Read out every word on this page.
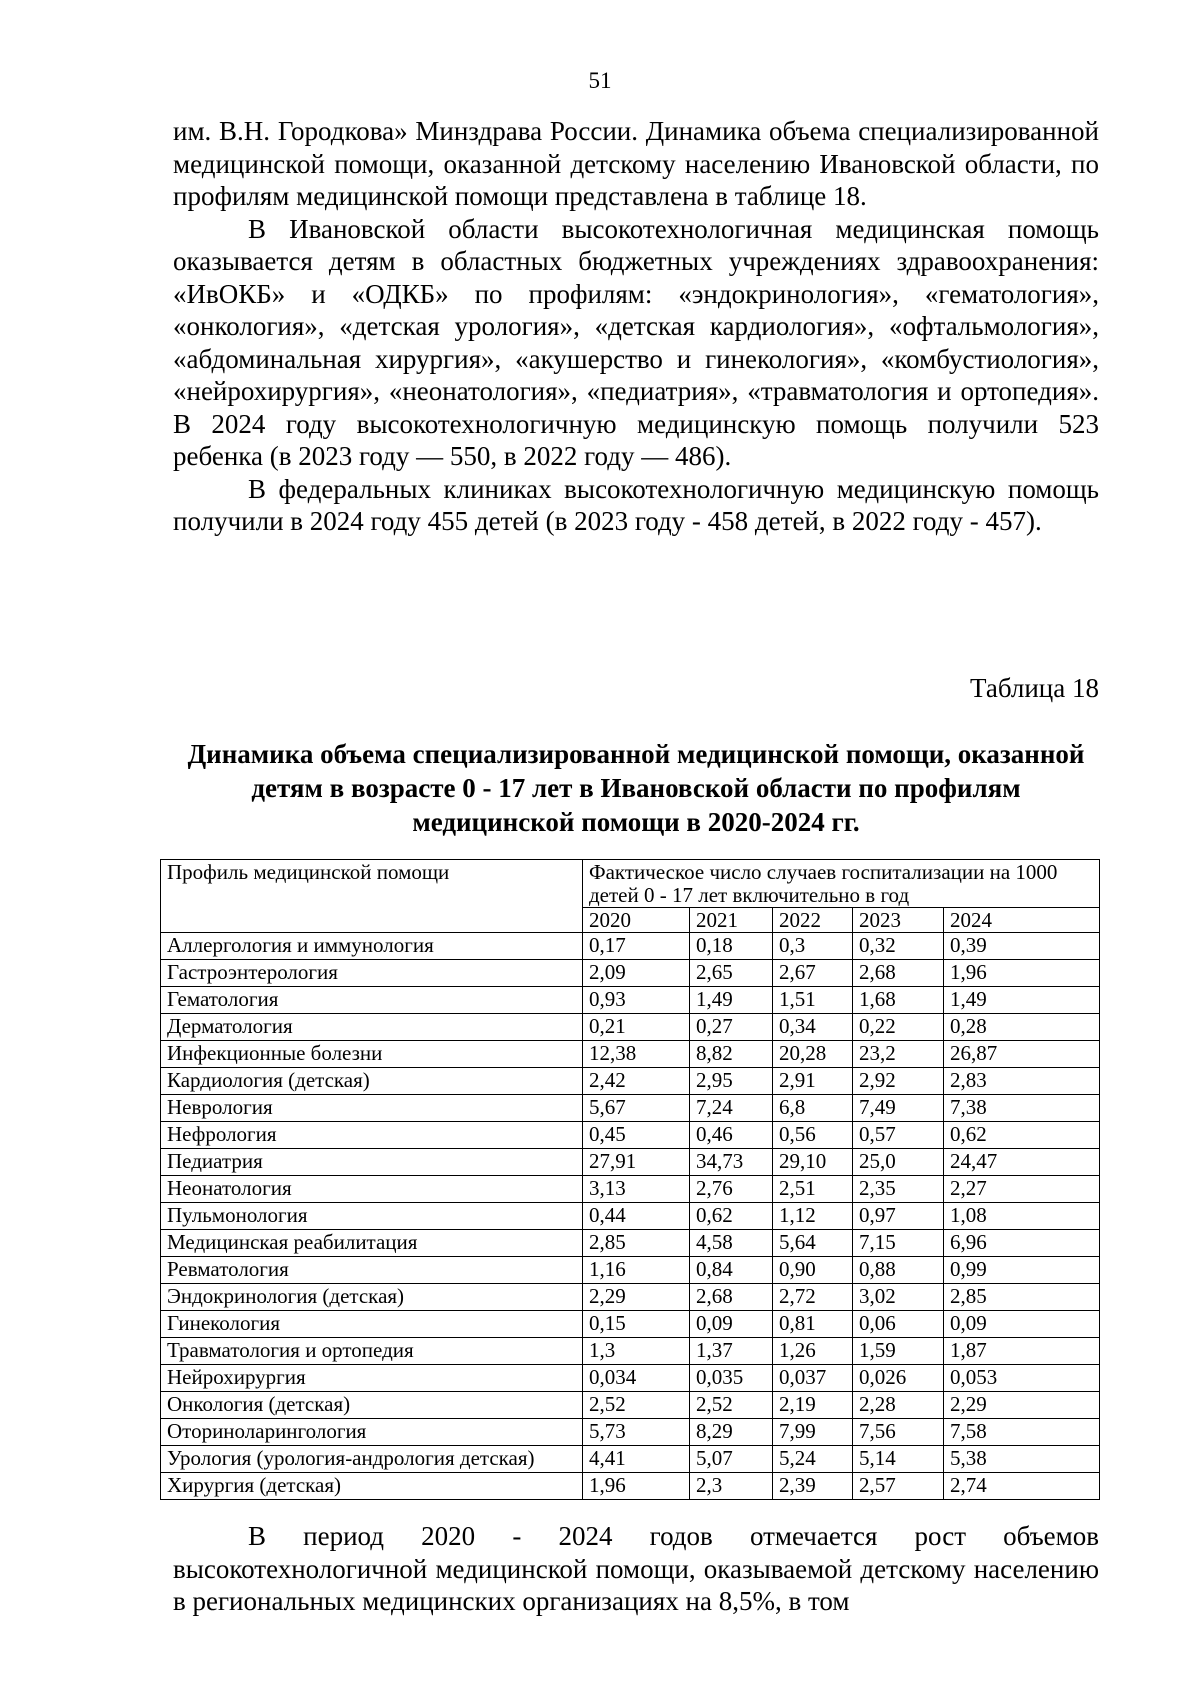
51

им. В.Н. Городкова» Минздрава России. Динамика объема специализированной медицинской помощи, оказанной детскому населению Ивановской области, по профилям медицинской помощи представлена в таблице 18.

В Ивановской области высокотехнологичная медицинская помощь оказывается детям в областных бюджетных учреждениях здравоохранения: «ИвОКБ» и «ОДКБ» по профилям: «эндокринология», «гематология», «онкология», «детская урология», «детская кардиология», «офтальмология», «абдоминальная хирургия», «акушерство и гинекология», «комбустиология», «нейрохирургия», «неонатология», «педиатрия», «травматология и ортопедия». В 2024 году высокотехнологичную медицинскую помощь получили 523 ребенка (в 2023 году — 550, в 2022 году — 486).

В федеральных клиниках высокотехнологичную медицинскую помощь получили в 2024 году 455 детей (в 2023 году - 458 детей, в 2022 году - 457).

Таблица 18
Динамика объема специализированной медицинской помощи, оказанной детям в возрасте 0 - 17 лет в Ивановской области по профилям медицинской помощи в 2020-2024 гг.
Профиль медицинской помощи	Фактическое число случаев госпитализации на 1000 детей 0 - 17 лет включительно в год				
	2020	2021	2022	2023	2024
Аллергология и иммунология	0,17	0,18	0,3	0,32	0,39
Гастроэнтерология	2,09	2,65	2,67	2,68	1,96
Гематология	0,93	1,49	1,51	1,68	1,49
Дерматология	0,21	0,27	0,34	0,22	0,28
Инфекционные болезни	12,38	8,82	20,28	23,2	26,87
Кардиология (детская)	2,42	2,95	2,91	2,92	2,83
Неврология	5,67	7,24	6,8	7,49	7,38
Нефрология	0,45	0,46	0,56	0,57	0,62
Педиатрия	27,91	34,73	29,10	25,0	24,47
Неонатология	3,13	2,76	2,51	2,35	2,27
Пульмонология	0,44	0,62	1,12	0,97	1,08
Медицинская реабилитация	2,85	4,58	5,64	7,15	6,96
Ревматология	1,16	0,84	0,90	0,88	0,99
Эндокринология (детская)	2,29	2,68	2,72	3,02	2,85
Гинекология	0,15	0,09	0,81	0,06	0,09
Травматология и ортопедия	1,3	1,37	1,26	1,59	1,87
Нейрохирургия	0,034	0,035	0,037	0,026	0,053
Онкология (детская)	2,52	2,52	2,19	2,28	2,29
Оториноларингология	5,73	8,29	7,99	7,56	7,58
Урология (урология-андрология детская)	4,41	5,07	5,24	5,14	5,38
Хирургия (детская)	1,96	2,3	2,39	2,57	2,74

В период 2020 - 2024 годов отмечается рост объемов высокотехнологичной медицинской помощи, оказываемой детскому населению в региональных медицинских организациях на 8,5%, в том
